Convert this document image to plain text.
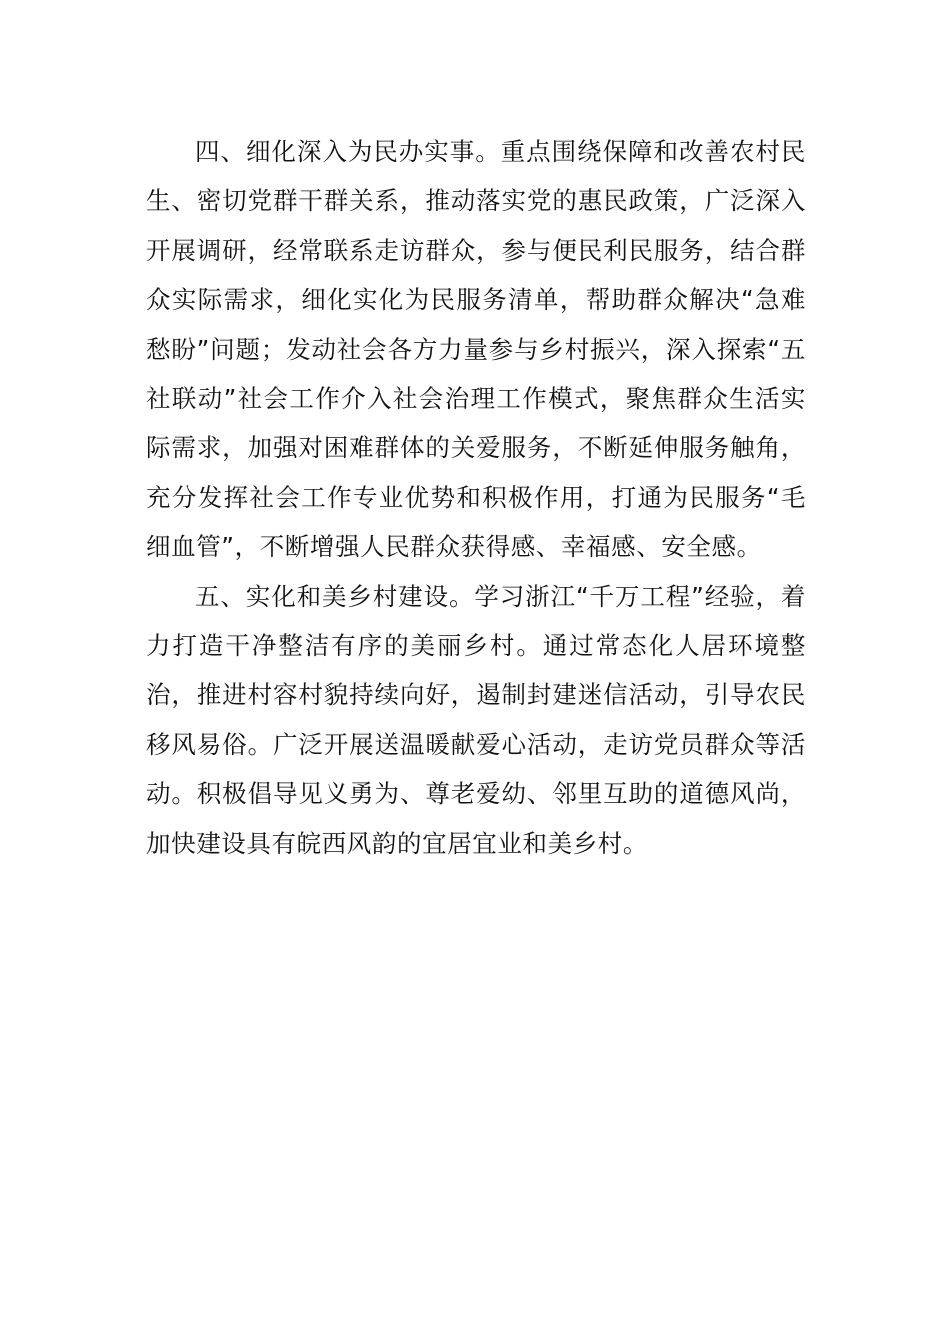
四、细化深入为民办实事。重点围绕保障和改善农村民生、密切党群干群关系，推动落实党的惠民政策，广泛深入开展调研，经常联系走访群众，参与便民利民服务，结合群众实际需求，细化实化为民服务清单，帮助群众解决“急难愁盼”问题；发动社会各方力量参与乡村振兴，深入探索“五社联动”社会工作介入社会治理工作模式，聚焦群众生活实际需求，加强对困难群体的关爱服务，不断延伸服务触角，充分发挥社会工作专业优势和积极作用，打通为民服务“毛细血管”，不断增强人民群众获得感、幸福感、安全感。

五、实化和美乡村建设。学习浙江“千万工程”经验，着力打造干净整洁有序的美丽乡村。通过常态化人居环境整治，推进村容村貌持续向好，遏制封建迷信活动，引导农民移风易俗。广泛开展送温暖献爱心活动，走访党员群众等活动。积极倡导见义勇为、尊老爱幼、邻里互助的道德风尚，加快建设具有皖西风韵的宜居宜业和美乡村。
